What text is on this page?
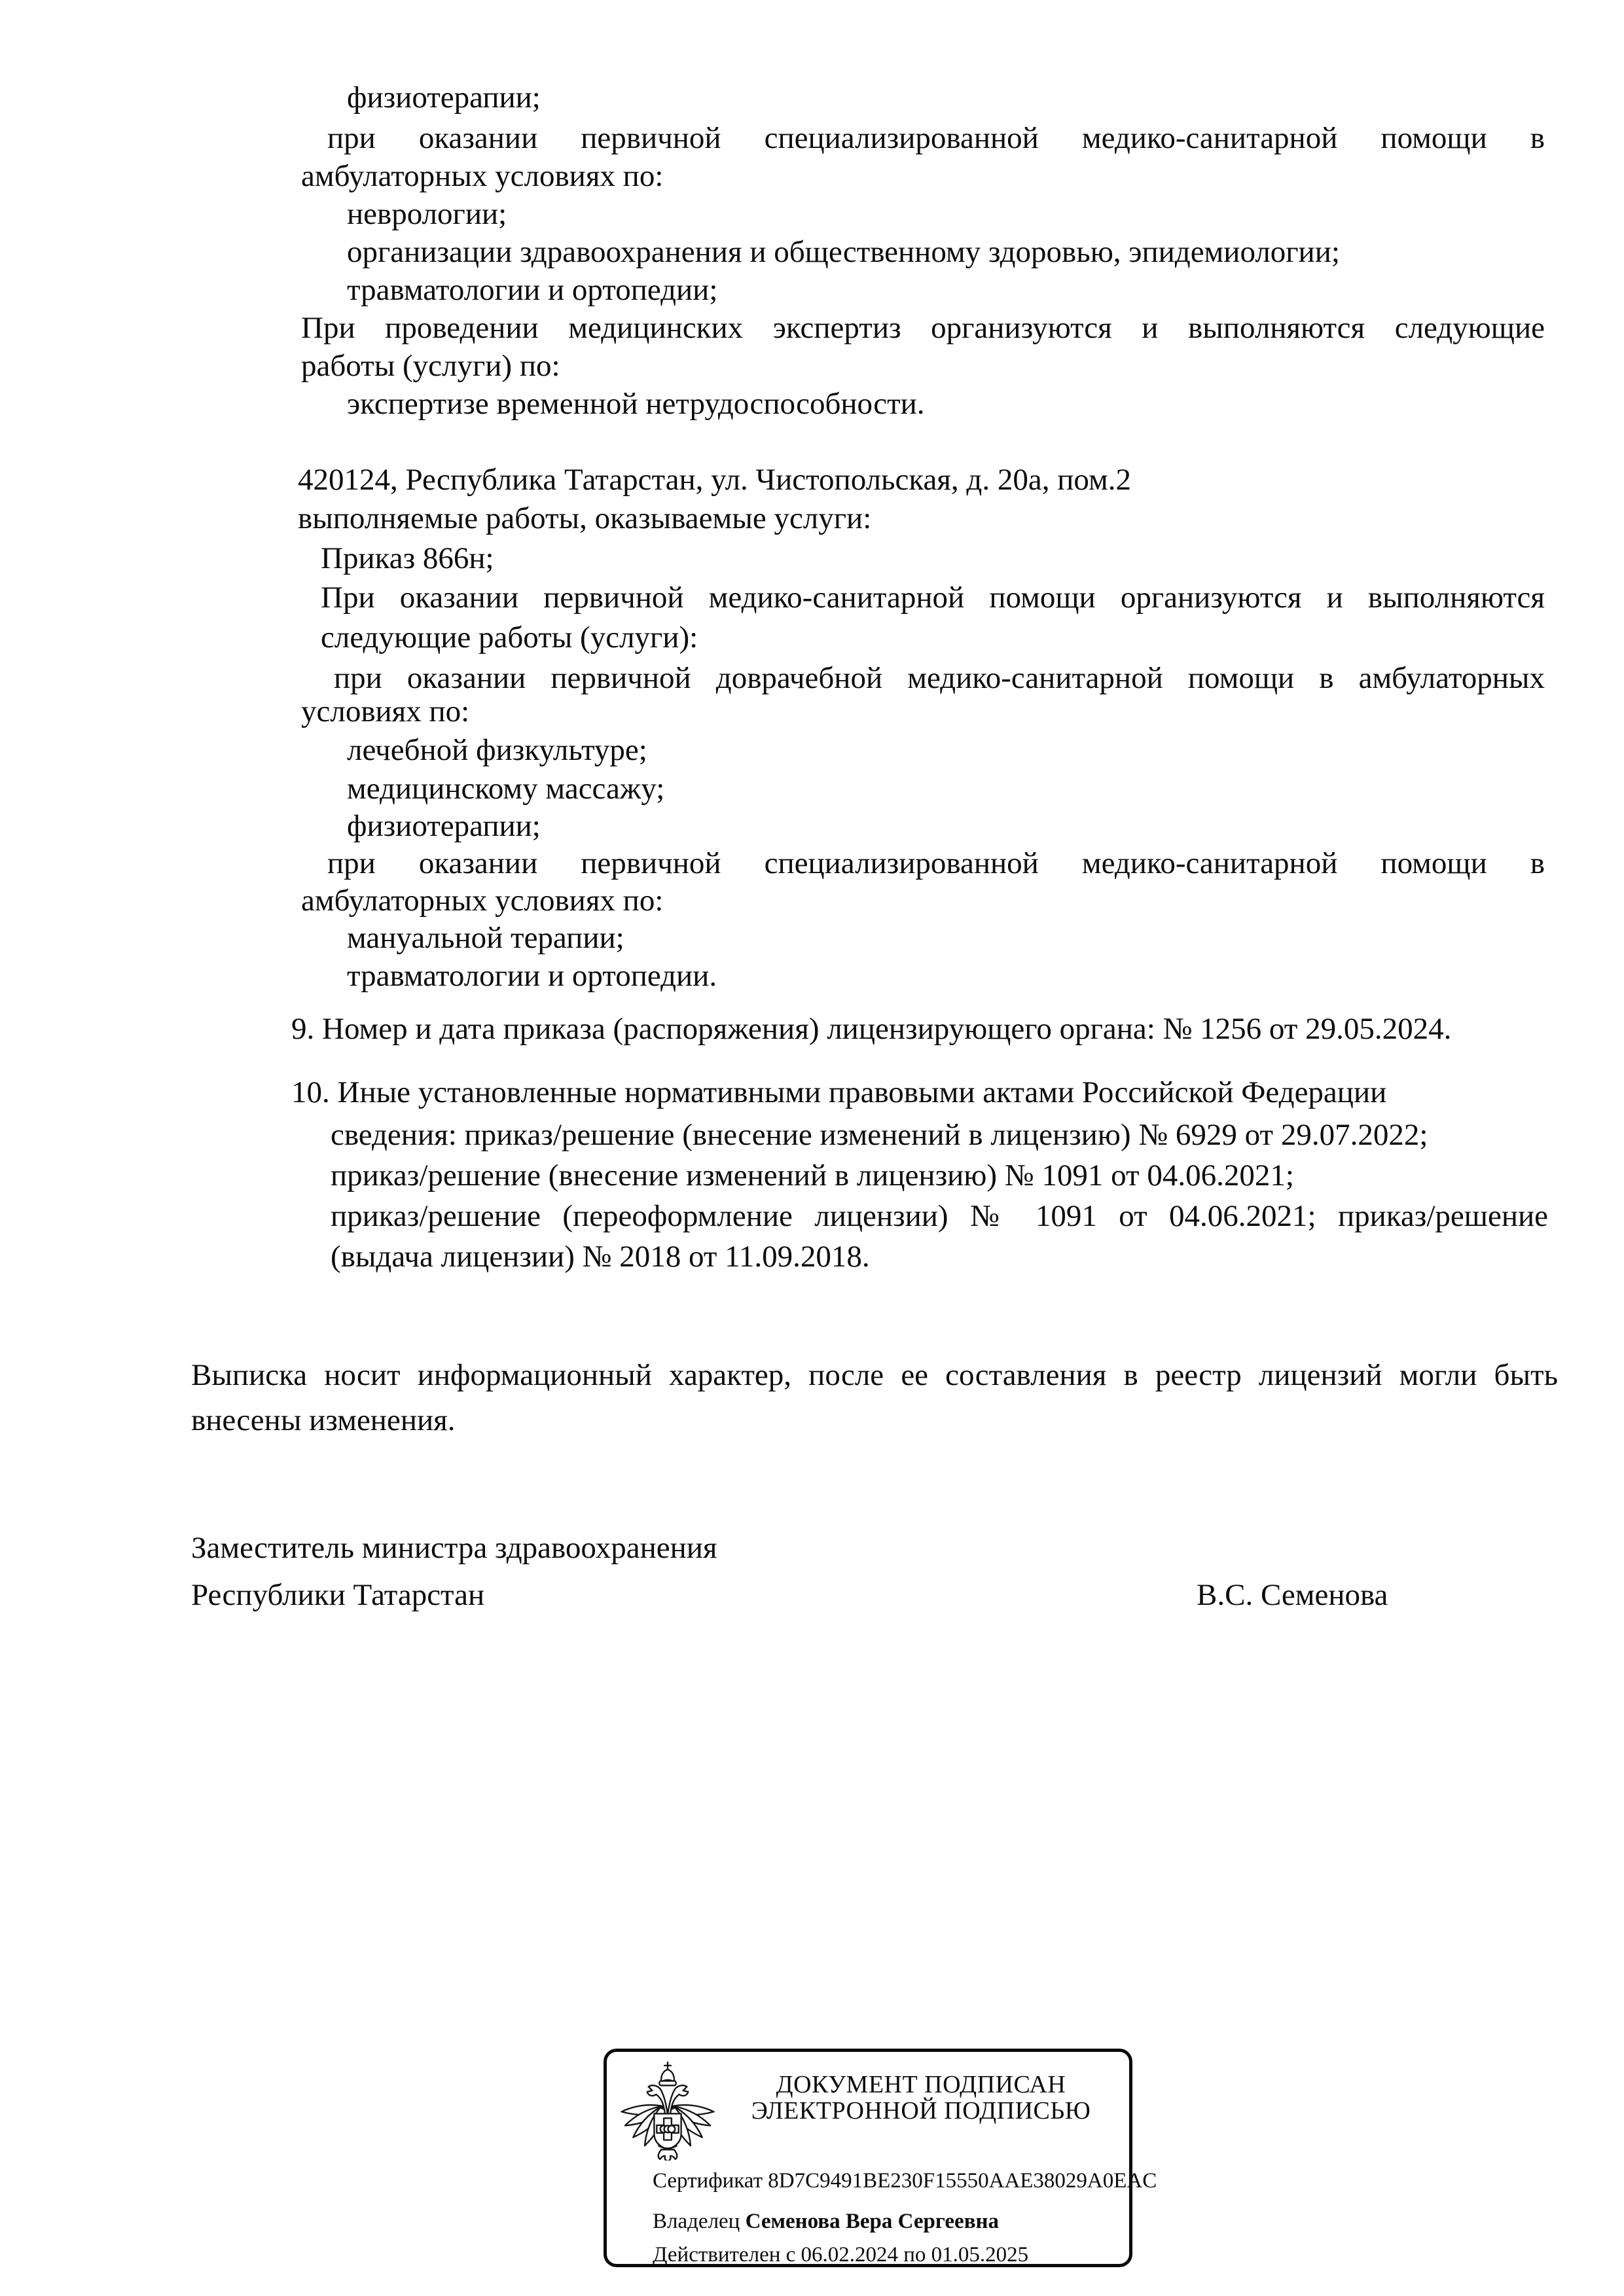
физиотерапии;
при оказании первичной специализированной медико-санитарной помощи в
амбулаторных условиях по:
неврологии;
организации здравоохранения и общественному здоровью, эпидемиологии;
травматологии и ортопедии;
При проведении медицинских экспертиз организуются и выполняются следующие
работы (услуги) по:
экспертизе временной нетрудоспособности.
420124, Республика Татарстан, ул. Чистопольская, д. 20а, пом.2
выполняемые работы, оказываемые услуги:
Приказ 866н;
При оказании первичной медико-санитарной помощи организуются и выполняются
следующие работы (услуги):
при оказании первичной доврачебной медико-санитарной помощи в амбулаторных
условиях по:
лечебной физкультуре;
медицинскому массажу;
физиотерапии;
при оказании первичной специализированной медико-санитарной помощи в
амбулаторных условиях по:
мануальной терапии;
травматологии и ортопедии.
9. Номер и дата приказа (распоряжения) лицензирующего органа: № 1256 от 29.05.2024.
10. Иные установленные нормативными правовыми актами Российской Федерации
сведения: приказ/решение (внесение изменений в лицензию) № 6929 от 29.07.2022;
приказ/решение (внесение изменений в лицензию) № 1091 от 04.06.2021;
приказ/решение (переоформление лицензии) № 1091 от 04.06.2021; приказ/решение
(выдача лицензии) № 2018 от 11.09.2018.
Выписка носит информационный характер, после ее составления в реестр лицензий могли быть
внесены изменения.
Заместитель министра здравоохранения
Республики Татарстан	В.С. Семенова
ДОКУМЕНТ ПОДПИСАН
ЭЛЕКТРОННОЙ ПОДПИСЬЮ
Сертификат 8D7C9491BE230F15550AAE38029A0EAC
Владелец Семенова Вера Сергеевна
Действителен с 06.02.2024 по 01.05.2025
